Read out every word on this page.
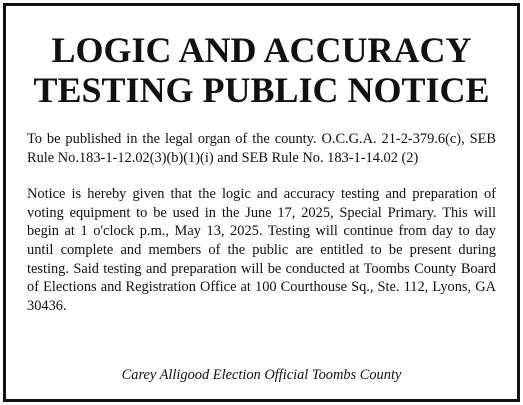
LOGIC AND ACCURACY
TESTING PUBLIC NOTICE

To be published in the legal organ of the county. O.C.G.A. 21-2-379.6(c), SEB Rule No.183-1-12.02(3)(b)(1)(i) and SEB Rule No. 183-1-14.02 (2)

Notice is hereby given that the logic and accuracy testing and preparation of voting equipment to be used in the June 17, 2025, Special Primary. This will begin at 1 o'clock p.m., May 13, 2025. Testing will continue from day to day until complete and members of the public are entitled to be present during testing. Said testing and preparation will be conducted at Toombs County Board of Elections and Registration Office at 100 Courthouse Sq., Ste. 112, Lyons, GA 30436.

Carey Alligood Election Official Toombs County
